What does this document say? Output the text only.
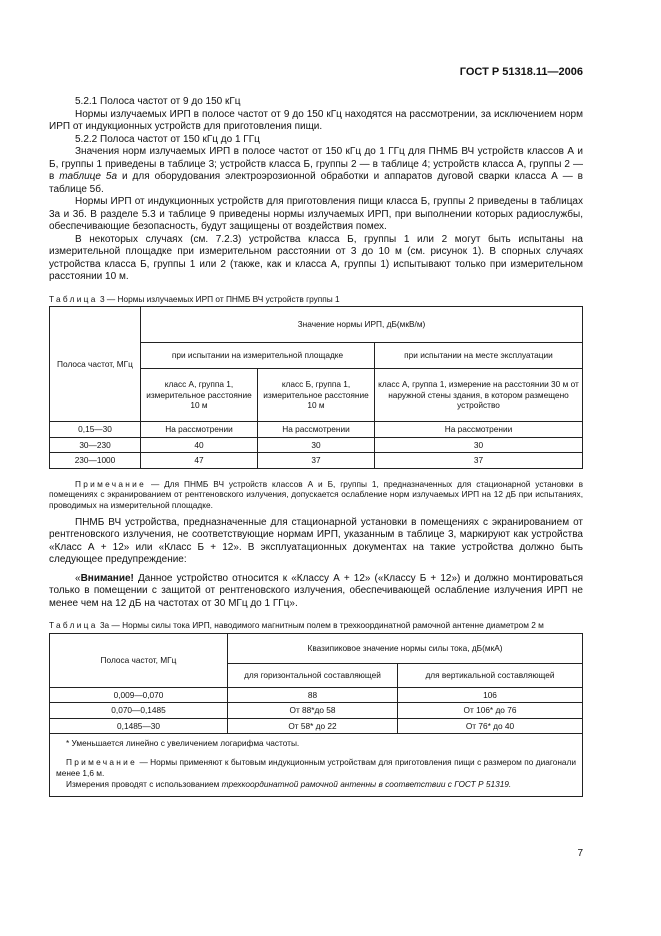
ГОСТ Р 51318.11—2006

5.2.1 Полоса частот от 9 до 150 кГц

Нормы излучаемых ИРП в полосе частот от 9 до 150 кГц находятся на рассмотрении, за исключением норм ИРП от индукционных устройств для приготовления пищи.

5.2.2 Полоса частот от 150 кГц до 1 ГГц

Значения норм излучаемых ИРП в полосе частот от 150 кГц до 1 ГГц для ПНМБ ВЧ устройств классов А и Б, группы 1 приведены в таблице 3; устройств класса Б, группы 2 — в таблице 4; устройств класса А, группы 2 — в таблице 5а и для оборудования электроэрозионной обработки и аппаратов дуговой сварки класса А — в таблице 5б.

Нормы ИРП от индукционных устройств для приготовления пищи класса Б, группы 2 приведены в таблицах 3а и 3б. В разделе 5.3 и таблице 9 приведены нормы излучаемых ИРП, при выполнении которых радиослужбы, обеспечивающие безопасность, будут защищены от воздействия помех.

В некоторых случаях (см. 7.2.3) устройства класса Б, группы 1 или 2 могут быть испытаны на измерительной площадке при измерительном расстоянии от 3 до 10 м (см. рисунок 1). В спорных случаях устройства класса Б, группы 1 или 2 (также, как и класса А, группы 1) испытывают только при измерительном расстоянии 10 м.

Таблица 3 — Нормы излучаемых ИРП от ПНМБ ВЧ устройств группы 1

Полоса частот, МГц	Значение нормы ИРП, дБ(мкВ/м)		
	при испытании на измерительной площадке		при испытании на месте эксплуатации
	класс А, группа 1, измерительное расстояние 10 м	класс Б, группа 1, измерительное расстояние 10 м	класс А, группа 1, измерение на расстоянии 30 м от наружной стены здания, в котором размещено устройство
0,15—30	На рассмотрении	На рассмотрении	На рассмотрении
30—230	40	30	30
230—1000	47	37	37

Примечание — Для ПНМБ ВЧ устройств классов А и Б, группы 1, предназначенных для стационарной установки в помещениях с экранированием от рентгеновского излучения, допускается ослабление норм излучаемых ИРП на 12 дБ при испытаниях, проводимых на измерительной площадке.

ПНМБ ВЧ устройства, предназначенные для стационарной установки в помещениях с экранированием от рентгеновского излучения, не соответствующие нормам ИРП, указанным в таблице 3, маркируют как устройства «Класс А + 12» или «Класс Б + 12». В эксплуатационных документах на такие устройства должно быть следующее предупреждение:

«Внимание! Данное устройство относится к «Классу А + 12» («Классу Б + 12») и должно монтироваться только в помещении с защитой от рентгеновского излучения, обеспечивающей ослабление излучения ИРП не менее чем на 12 дБ на частотах от 30 МГц до 1 ГГц».

Таблица 3а — Нормы силы тока ИРП, наводимого магнитным полем в трехкоординатной рамочной антенне диаметром 2 м

Полоса частот, МГц	Квазипиковое значение нормы силы тока, дБ(мкА)	
	для горизонтальной составляющей	для вертикальной составляющей
0,009—0,070	88	106
0,070—0,1485	От 88*до 58	От 106* до 76
0,1485—30	От 58* до 22	От 76* до 40

* Уменьшается линейно с увеличением логарифма частоты.

Примечание — Нормы применяют к бытовым индукционным устройствам для приготовления пищи с размером по диагонали менее 1,6 м.

Измерения проводят с использованием трехкоординатной рамочной антенны в соответствии с ГОСТ Р 51319.

7
